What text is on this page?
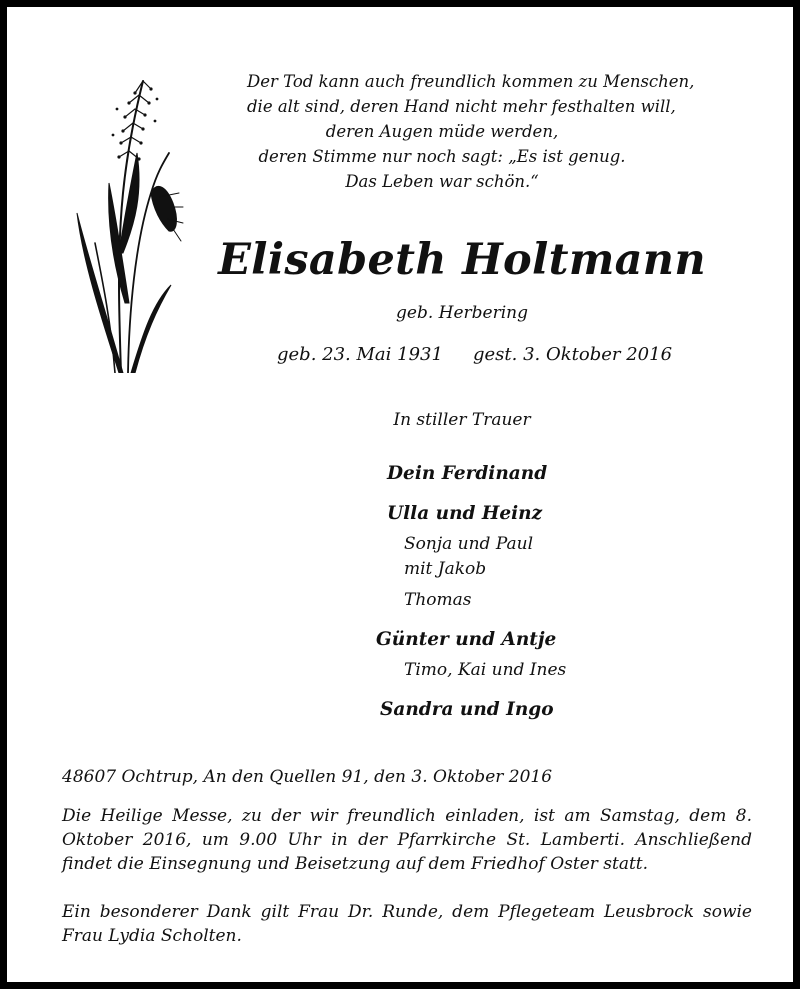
Der Tod kann auch freundlich kommen zu Menschen,
die alt sind, deren Hand nicht mehr festhalten will,
deren Augen müde werden,
deren Stimme nur noch sagt: „Es ist genug.
Das Leben war schön.“
Elisabeth Holtmann
geb. Herbering
geb. 23. Mai 1931 gest. 3. Oktober 2016
In stiller Trauer
Dein Ferdinand
Ulla und Heinz
Sonja und Paul
mit Jakob
Thomas
Günter und Antje
Timo, Kai und Ines
Sandra und Ingo
48607 Ochtrup, An den Quellen 91, den 3. Oktober 2016
Die Heilige Messe, zu der wir freundlich einladen, ist am Samstag, dem 8. Oktober 2016, um 9.00 Uhr in der Pfarrkirche St. Lamberti. Anschließend findet die Einsegnung und Beisetzung auf dem Friedhof Oster statt.
Ein besonderer Dank gilt Frau Dr. Runde, dem Pflegeteam Leusbrock sowie Frau Lydia Scholten.
